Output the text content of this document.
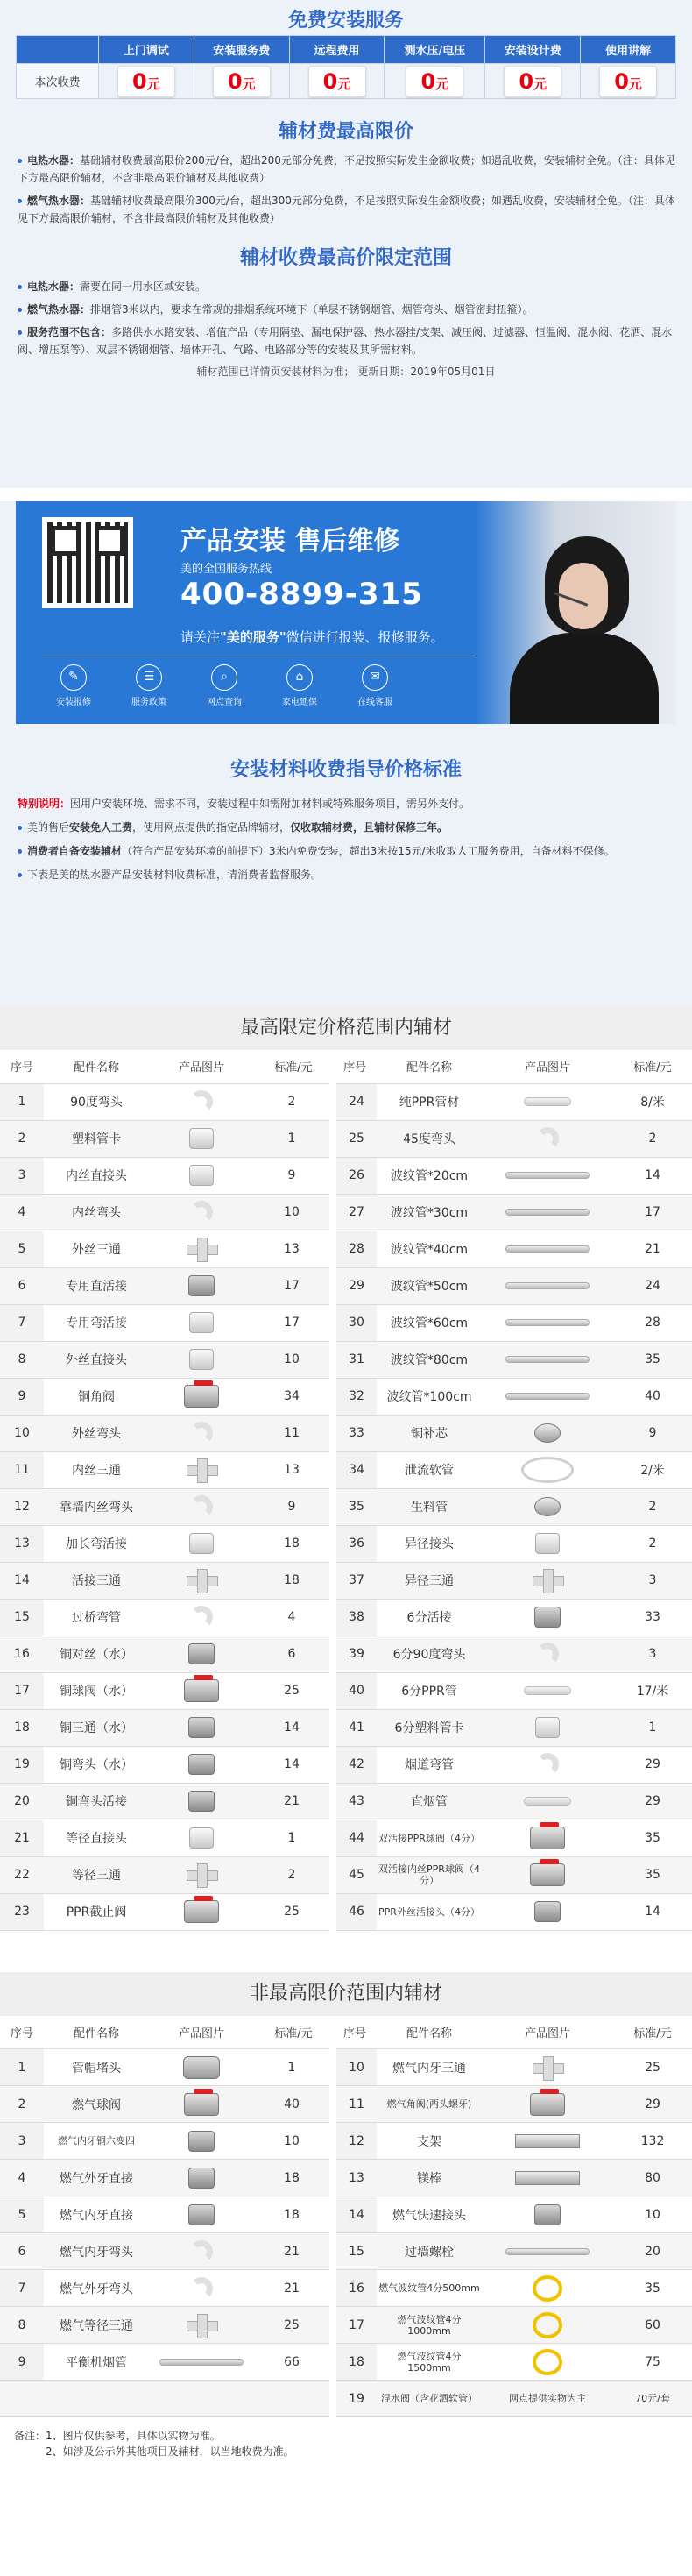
免费安装服务
	上门调试	安装服务费	远程费用	测水压/电压	安装设计费	使用讲解
本次收费	0元	0元	0元	0元	0元	0元
辅材费最高限价
电热水器：基础辅材收费最高限价200元/台，超出200元部分免费，不足按照实际发生金额收费；如遇乱收费，安装辅材全免。（注：具体见下方最高限价辅材，不含非最高限价辅材及其他收费）
燃气热水器：基础辅材收费最高限价300元/台，超出300元部分免费，不足按照实际发生金额收费；如遇乱收费，安装辅材全免。（注：具体见下方最高限价辅材，不含非最高限价辅材及其他收费）
辅材收费最高价限定范围
电热水器：需要在同一用水区域安装。
燃气热水器：排烟管3米以内，要求在常规的排烟系统环境下（单层不锈钢烟管、烟管弯头、烟管密封扭箍）。
服务范围不包含：多路供水水路安装、增值产品（专用隔垫、漏电保护器、热水器挂/支架、减压阀、过滤器、恒温阀、混水阀、花洒、混水阀、增压泵等）、双层不锈钢烟管、墙体开孔、气路、电路部分等的安装及其所需材料。
辅材范围已详情页安装材料为准； 更新日期：2019年05月01日
产品安装 售后维修
美的全国服务热线
400-8899-315
请关注"美的服务"微信进行报装、报修服务。
✎
安装报修
☰
服务政策
⌕
网点查询
⌂
家电延保
✉
在线客服
安装材料收费指导价格标准
特别说明：因用户安装环境、需求不同，安装过程中如需附加材料或特殊服务项目，需另外支付。
美的售后安装免人工费，使用网点提供的指定品牌辅材，仅收取辅材费，且辅材保修三年。
消费者自备安装辅材（符合产品安装环境的前提下）3米内免费安装，超出3米按15元/米收取人工服务费用，自备材料不保修。
下表是美的热水器产品安装材料收费标准，请消费者监督服务。
最高限定价格范围内辅材
序号	配件名称	产品图片	标准/元	序号	配件名称	产品图片	标准/元
1	90度弯头		2	24	纯PPR管材		8/米
2	塑料管卡		1	25	45度弯头		2
3	内丝直接头		9	26	波纹管*20cm		14
4	内丝弯头		10	27	波纹管*30cm		17
5	外丝三通		13	28	波纹管*40cm		21
6	专用直活接		17	29	波纹管*50cm		24
7	专用弯活接		17	30	波纹管*60cm		28
8	外丝直接头		10	31	波纹管*80cm		35
9	铜角阀		34	32	波纹管*100cm		40
10	外丝弯头		11	33	铜补芯		9
11	内丝三通		13	34	泄流软管		2/米
12	靠墙内丝弯头		9	35	生料管		2
13	加长弯活接		18	36	异径接头		2
14	活接三通		18	37	异径三通		3
15	过桥弯管		4	38	6分活接		33
16	铜对丝（水）		6	39	6分90度弯头		3
17	铜球阀（水）		25	40	6分PPR管		17/米
18	铜三通（水）		14	41	6分塑料管卡		1
19	铜弯头（水）		14	42	烟道弯管		29
20	铜弯头活接		21	43	直烟管		29
21	等径直接头		1	44	双活接PPR球阀（4分）		35
22	等径三通		2	45	双活接内丝PPR球阀（4分）		35
23	PPR截止阀		25	46	PPR外丝活接头（4分）		14
非最高限价范围内辅材
序号	配件名称	产品图片	标准/元	序号	配件名称	产品图片	标准/元
1	管帽堵头		1	10	燃气内牙三通		25
2	燃气球阀		40	11	燃气角阀(两头螺牙)		29
3	燃气内牙铜六变四		10	12	支架		132
4	燃气外牙直接		18	13	镁棒		80
5	燃气内牙直接		18	14	燃气快速接头		10
6	燃气内牙弯头		21	15	过墙螺栓		20
7	燃气外牙弯头		21	16	燃气波纹管4分500mm		35
8	燃气等径三通		25	17	燃气波纹管4分1000mm		60
9	平衡机烟管		66	18	燃气波纹管4分1500mm		75
				19	混水阀（含花洒软管）	网点提供实物为主	70元/套
备注：1、图片仅供参考，具体以实物为准。
2、如涉及公示外其他项目及辅材，以当地收费为准。
